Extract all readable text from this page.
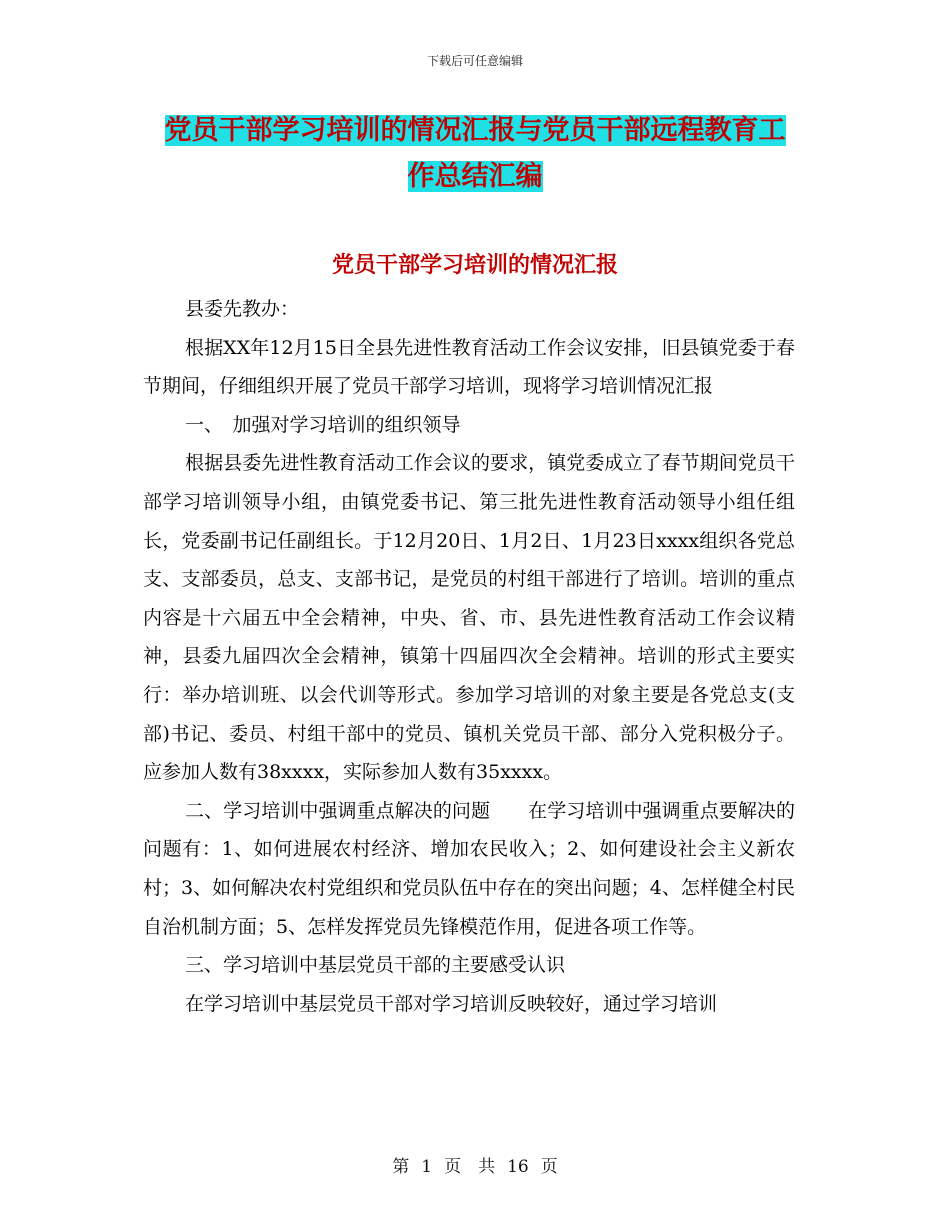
下载后可任意编辑
党员干部学习培训的情况汇报与党员干部远程教育工
作总结汇编
党员干部学习培训的情况汇报

县委先教办：

根据XX年12月15日全县先进性教育活动工作会议安排，旧县镇党委于春节期间，仔细组织开展了党员干部学习培训，现将学习培训情况汇报

一、　加强对学习培训的组织领导

根据县委先进性教育活动工作会议的要求，镇党委成立了春节期间党员干部学习培训领导小组，由镇党委书记、第三批先进性教育活动领导小组任组长，党委副书记任副组长。于12月20日、1月2日、1月23日xxxx组织各党总支、支部委员，总支、支部书记，是党员的村组干部进行了培训。培训的重点内容是十六届五中全会精神，中央、省、市、县先进性教育活动工作会议精神，县委九届四次全会精神，镇第十四届四次全会精神。培训的形式主要实行：举办培训班、以会代训等形式。参加学习培训的对象主要是各党总支(支部)书记、委员、村组干部中的党员、镇机关党员干部、部分入党积极分子。应参加人数有38xxxx，实际参加人数有35xxxx。

二、学习培训中强调重点解决的问题　　在学习培训中强调重点要解决的问题有：1、如何进展农村经济、增加农民收入；2、如何建设社会主义新农村；3、如何解决农村党组织和党员队伍中存在的突出问题；4、怎样健全村民自治机制方面；5、怎样发挥党员先锋模范作用，促进各项工作等。

三、学习培训中基层党员干部的主要感受认识

在学习培训中基层党员干部对学习培训反映较好，通过学习培训

第 1 页　共 16 页
